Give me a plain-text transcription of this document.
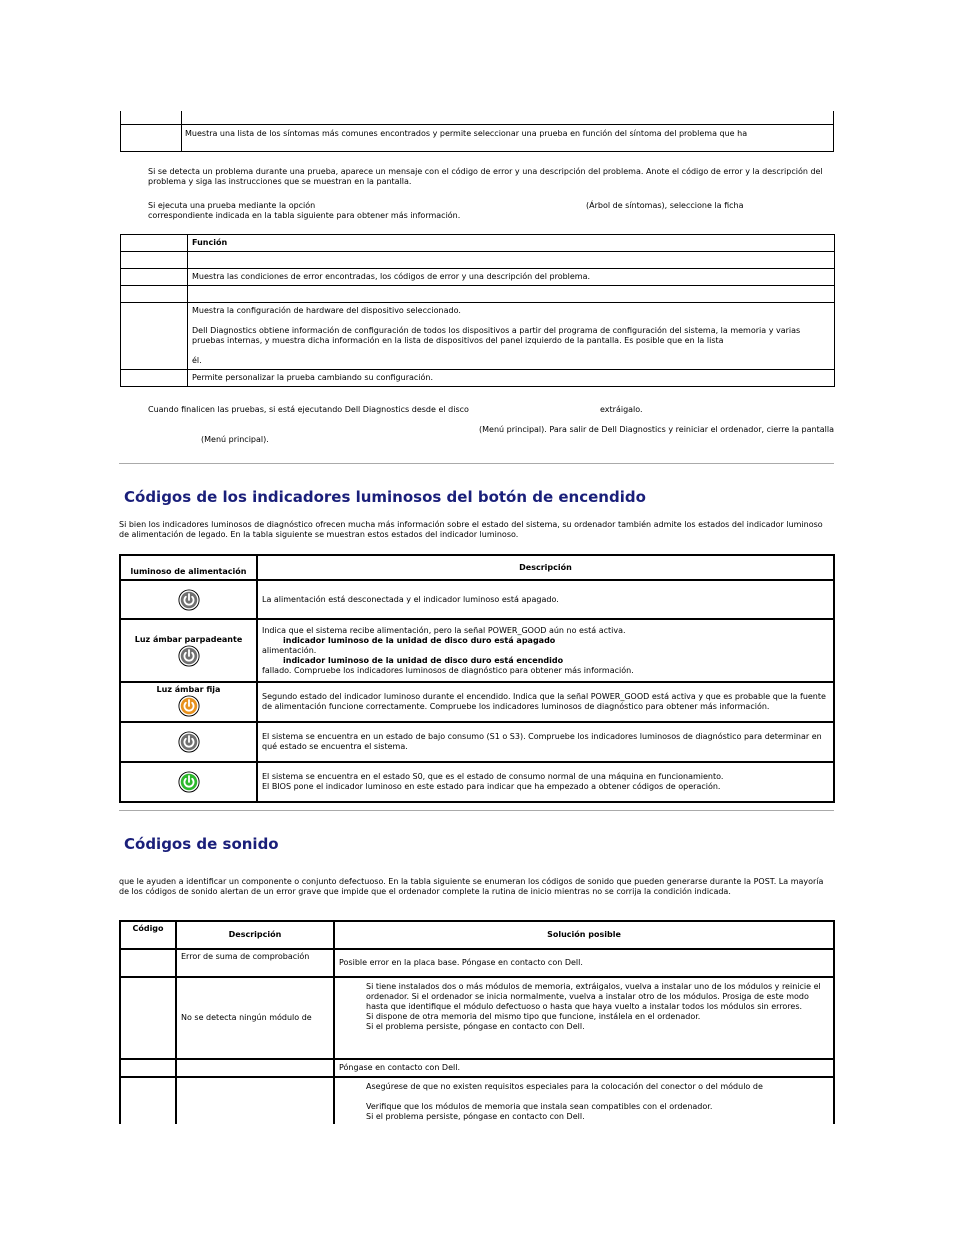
Muestra una lista de los síntomas más comunes encontrados y permite seleccionar una prueba en función del síntoma del problema que ha
Si se detecta un problema durante una prueba, aparece un mensaje con el código de error y una descripción del problema. Anote el código de error y la descripción del problema y siga las instrucciones que se muestran en la pantalla.
Si ejecuta una prueba mediante la opción	(Árbol de síntomas), seleccione la ficha
correspondiente indicada en la tabla siguiente para obtener más información.
	Función

	Muestra las condiciones de error encontradas, los códigos de error y una descripción del problema.

	Muestra la configuración de hardware del dispositivo seleccionado.
Dell Diagnostics obtiene información de configuración de todos los dispositivos a partir del programa de configuración del sistema, la memoria y varias pruebas internas, y muestra dicha información en la lista de dispositivos del panel izquierdo de la pantalla. Es posible que en la lista
él.

	Permite personalizar la prueba cambiando su configuración.
Cuando finalicen las pruebas, si está ejecutando Dell Diagnostics desde el disco	extráigalo.
(Menú principal). Para salir de Dell Diagnostics y reiniciar el ordenador, cierre la pantalla
(Menú principal).
Códigos de los indicadores luminosos del botón de encendido
Si bien los indicadores luminosos de diagnóstico ofrecen mucha más información sobre el estado del sistema, su ordenador también admite los estados del indicador luminoso de alimentación de legado. En la tabla siguiente se muestran estos estados del indicador luminoso.
luminoso de alimentación	Descripción

	La alimentación está desconectada y el indicador luminoso está apagado.

Luz ámbar parpadeante	Indica que el sistema recibe alimentación, pero la señal POWER_GOOD aún no está activa.
indicador luminoso de la unidad de disco duro está apagado
alimentación.
indicador luminoso de la unidad de disco duro está encendido
fallado. Compruebe los indicadores luminosos de diagnóstico para obtener más información.

Luz ámbar fija	Segundo estado del indicador luminoso durante el encendido. Indica que la señal POWER_GOOD está activa y que es probable que la fuente de alimentación funcione correctamente. Compruebe los indicadores luminosos de diagnóstico para obtener más información.

	El sistema se encuentra en un estado de bajo consumo (S1 o S3). Compruebe los indicadores luminosos de diagnóstico para determinar en qué estado se encuentra el sistema.

El sistema se encuentra en el estado S0, que es el estado de consumo normal de una máquina en funcionamiento.
El BIOS pone el indicador luminoso en este estado para indicar que ha empezado a obtener códigos de operación.
Códigos de sonido
que le ayuden a identificar un componente o conjunto defectuoso. En la tabla siguiente se enumeran los códigos de sonido que pueden generarse durante la POST. La mayoría de los códigos de sonido alertan de un error grave que impide que el ordenador complete la rutina de inicio mientras no se corrija la condición indicada.
Código	Descripción	Solución posible
	Error de suma de comprobación	Posible error en la placa base. Póngase en contacto con Dell.
	No se detecta ningún módulo de	Si tiene instalados dos o más módulos de memoria, extráigalos, vuelva a instalar uno de los módulos y reinicie el ordenador. Si el ordenador se inicia normalmente, vuelva a instalar otro de los módulos. Prosiga de este modo hasta que identifique el módulo defectuoso o hasta que haya vuelto a instalar todos los módulos sin errores.
Si dispone de otra memoria del mismo tipo que funcione, instálela en el ordenador.
Si el problema persiste, póngase en contacto con Dell.

		Póngase en contacto con Dell.

		Asegúrese de que no existen requisitos especiales para la colocación del conector o del módulo de
Verifique que los módulos de memoria que instala sean compatibles con el ordenador.
Si el problema persiste, póngase en contacto con Dell.
